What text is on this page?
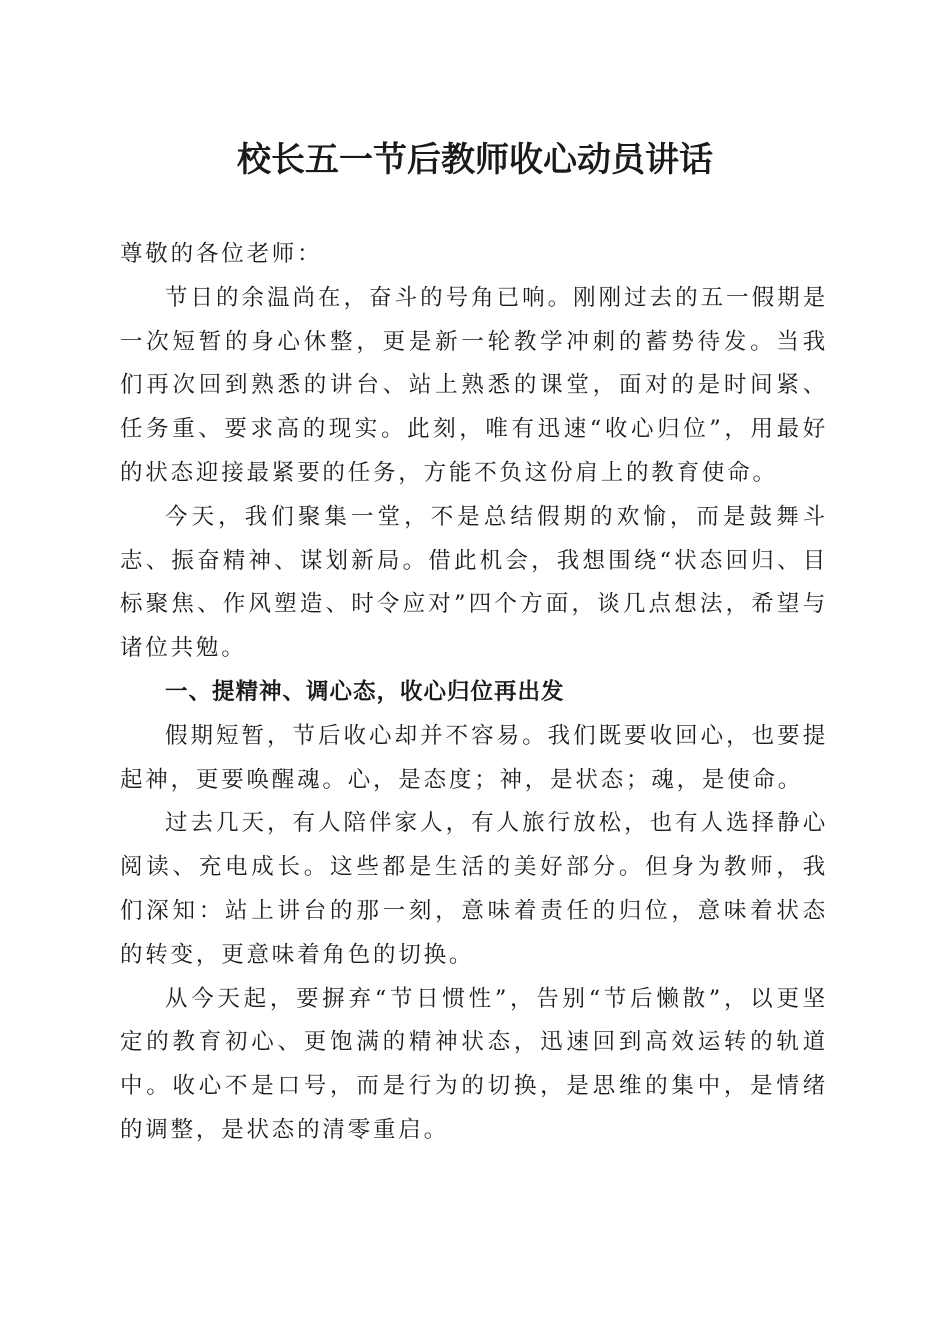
校长五一节后教师收心动员讲话

尊敬的各位老师：

节日的余温尚在，奋斗的号角已响。刚刚过去的五一假期是一次短暂的身心休整，更是新一轮教学冲刺的蓄势待发。当我们再次回到熟悉的讲台、站上熟悉的课堂，面对的是时间紧、任务重、要求高的现实。此刻，唯有迅速“收心归位”，用最好的状态迎接最紧要的任务，方能不负这份肩上的教育使命。

今天，我们聚集一堂，不是总结假期的欢愉，而是鼓舞斗志、振奋精神、谋划新局。借此机会，我想围绕“状态回归、目标聚焦、作风塑造、时令应对”四个方面，谈几点想法，希望与诸位共勉。

一、提精神、调心态，收心归位再出发

假期短暂，节后收心却并不容易。我们既要收回心，也要提起神，更要唤醒魂。心，是态度；神，是状态；魂，是使命。

过去几天，有人陪伴家人，有人旅行放松，也有人选择静心阅读、充电成长。这些都是生活的美好部分。但身为教师，我们深知：站上讲台的那一刻，意味着责任的归位，意味着状态的转变，更意味着角色的切换。

从今天起，要摒弃“节日惯性”，告别“节后懒散”，以更坚定的教育初心、更饱满的精神状态，迅速回到高效运转的轨道中。收心不是口号，而是行为的切换，是思维的集中，是情绪的调整，是状态的清零重启。
